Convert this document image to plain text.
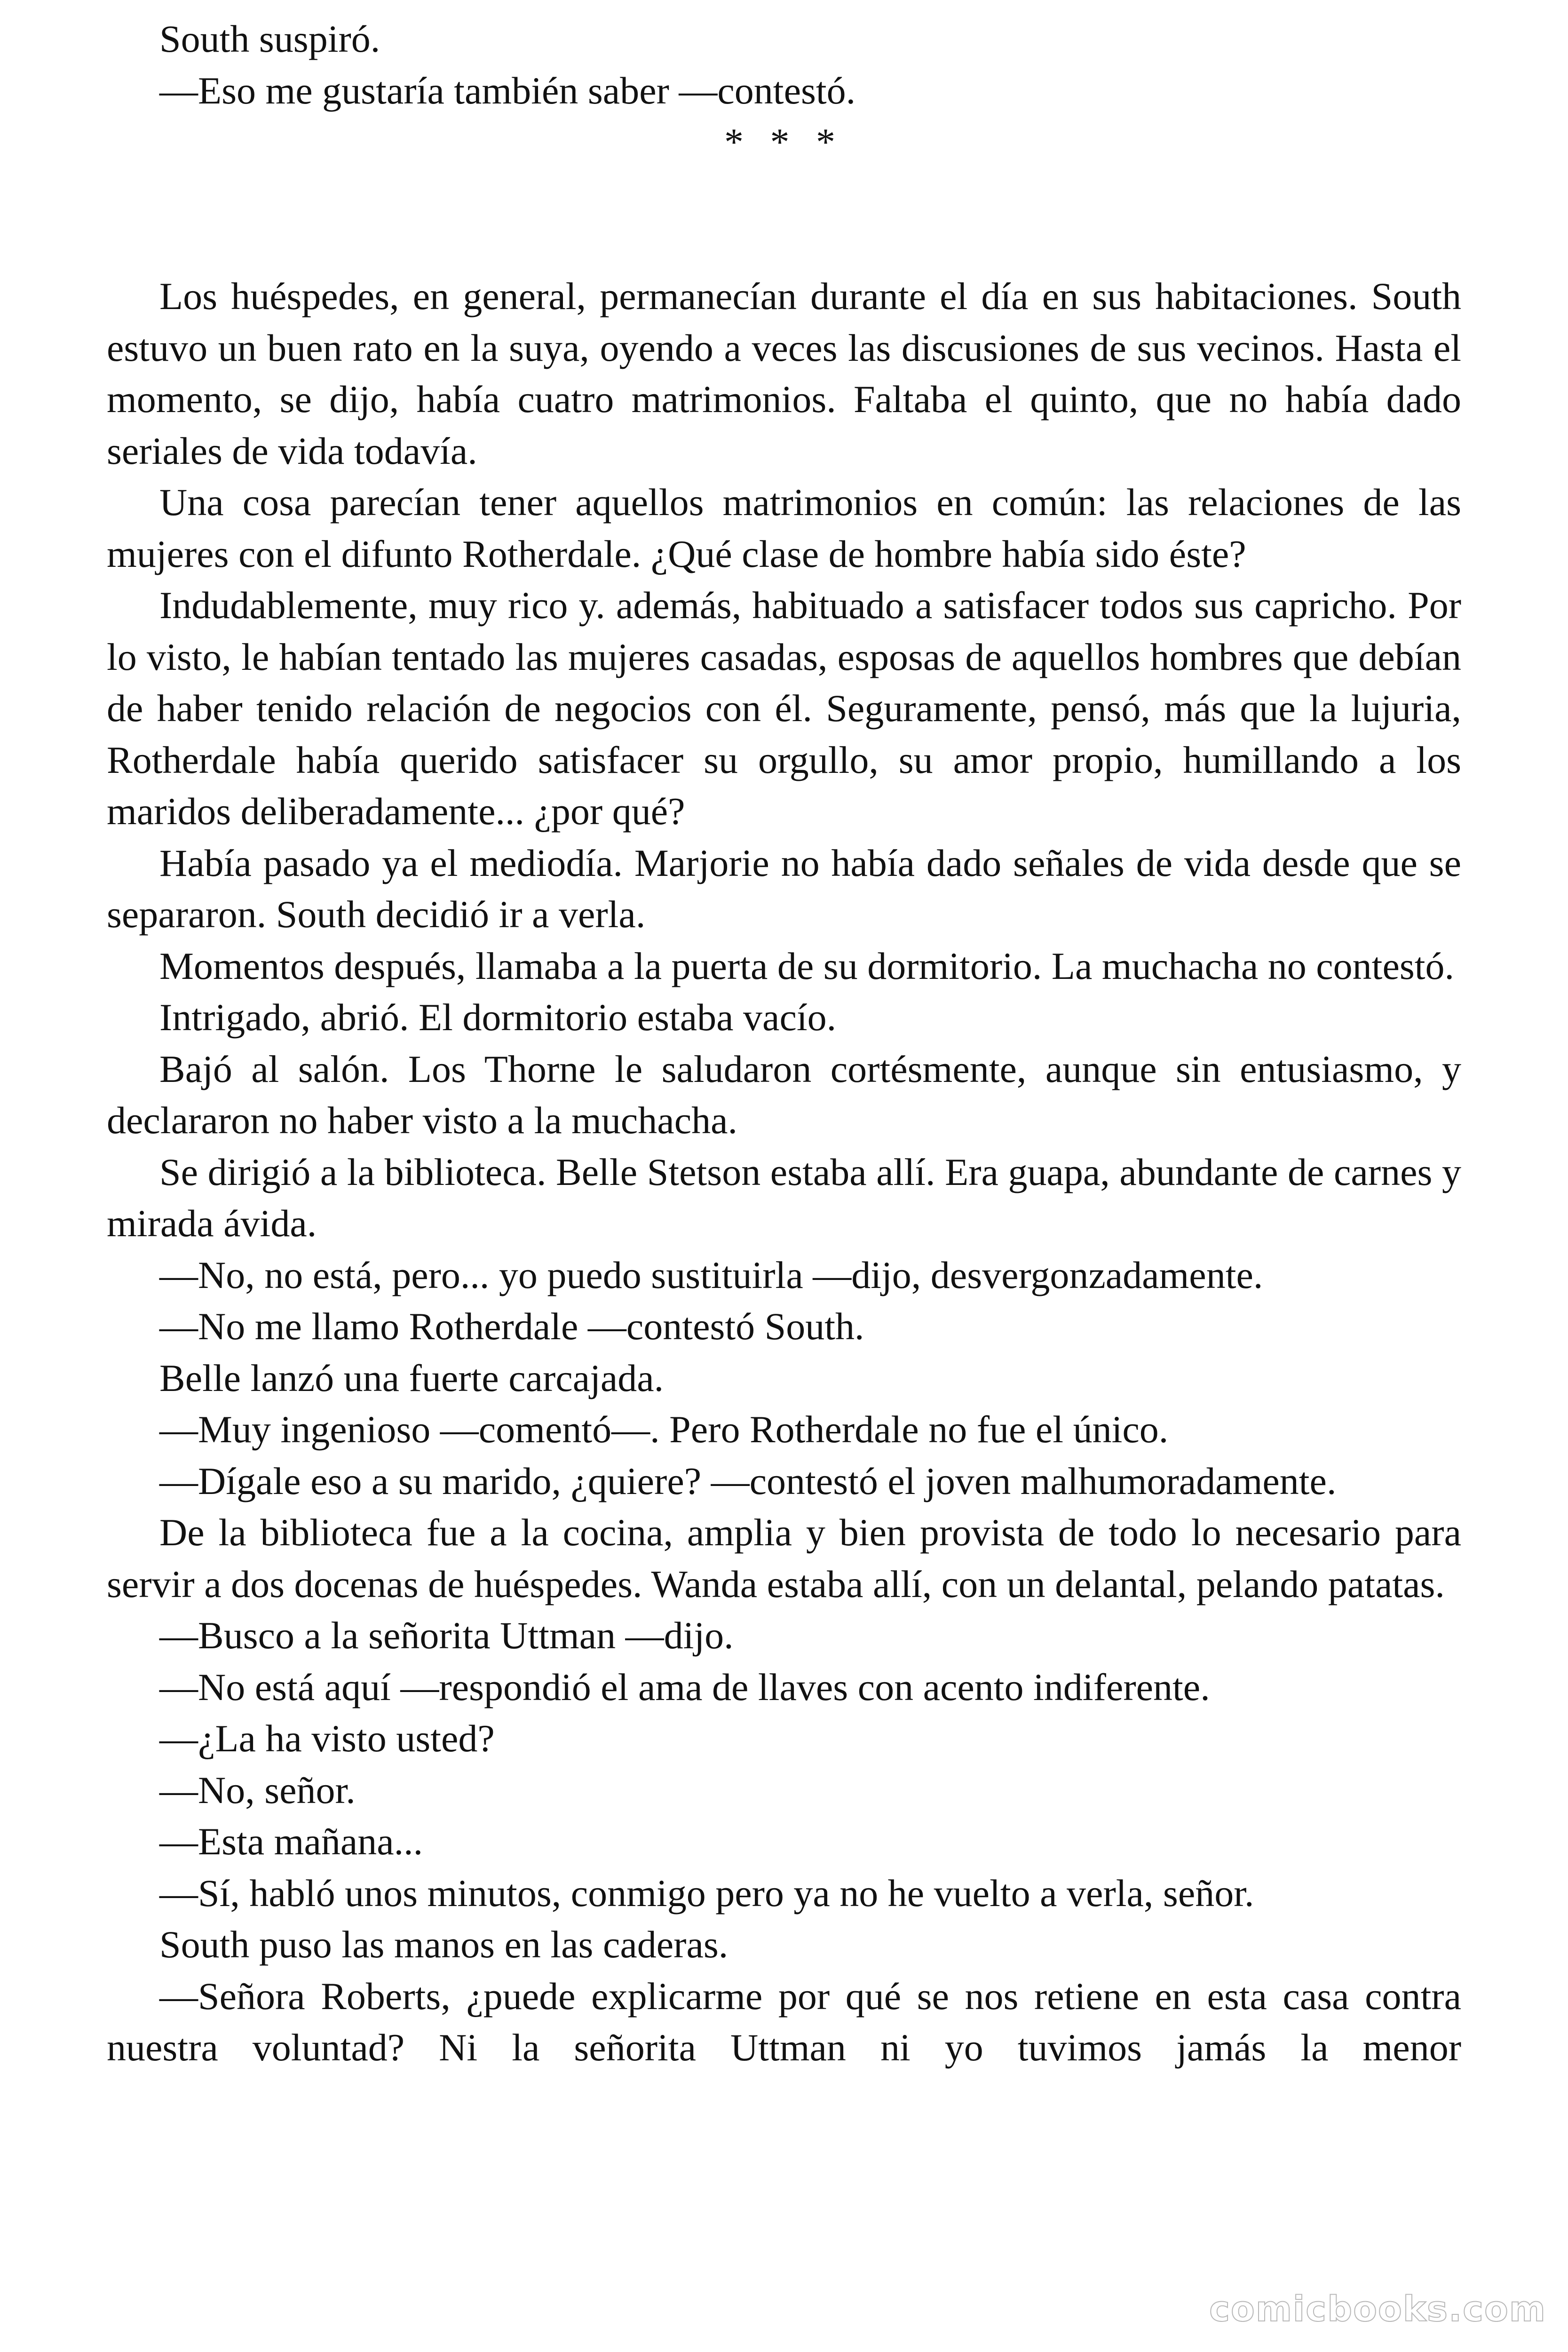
South suspiró.

—Eso me gustaría también saber —contestó.

* * *

Los huéspedes, en general, permanecían durante el día en sus habitaciones. South estuvo un buen rato en la suya, oyendo a veces las discusiones de sus vecinos. Hasta el momento, se dijo, había cuatro matrimonios. Faltaba el quinto, que no había dado seriales de vida todavía.

Una cosa parecían tener aquellos matrimonios en común: las relaciones de las mujeres con el difunto Rotherdale. ¿Qué clase de hombre había sido éste?

Indudablemente, muy rico y. además, habituado a satisfacer todos sus capricho. Por lo visto, le habían tentado las mujeres casadas, esposas de aquellos hombres que debían de haber tenido relación de negocios con él. Seguramente, pensó, más que la lujuria, Rotherdale había querido satisfacer su orgullo, su amor propio, humillando a los maridos deliberadamente... ¿por qué?

Había pasado ya el mediodía. Marjorie no había dado señales de vida desde que se separaron. South decidió ir a verla.

Momentos después, llamaba a la puerta de su dormitorio. La muchacha no contestó.

Intrigado, abrió. El dormitorio estaba vacío.

Bajó al salón. Los Thorne le saludaron cortésmente, aunque sin entusiasmo, y declararon no haber visto a la muchacha.

Se dirigió a la biblioteca. Belle Stetson estaba allí. Era guapa, abundante de carnes y mirada ávida.

—No, no está, pero... yo puedo sustituirla —dijo, desvergonzadamente.

—No me llamo Rotherdale —contestó South.

Belle lanzó una fuerte carcajada.

—Muy ingenioso —comentó—. Pero Rotherdale no fue el único.

—Dígale eso a su marido, ¿quiere? —contestó el joven malhumoradamente.

De la biblioteca fue a la cocina, amplia y bien provista de todo lo necesario para servir a dos docenas de huéspedes. Wanda estaba allí, con un delantal, pelando patatas.

—Busco a la señorita Uttman —dijo.

—No está aquí —respondió el ama de llaves con acento indiferente.

—¿La ha visto usted?

—No, señor.

—Esta mañana...

—Sí, habló unos minutos, conmigo pero ya no he vuelto a verla, señor.

South puso las manos en las caderas.

—Señora Roberts, ¿puede explicarme por qué se nos retiene en esta casa contra nuestra voluntad? Ni la señorita Uttman ni yo tuvimos jamás la menor

comicbooks.com
